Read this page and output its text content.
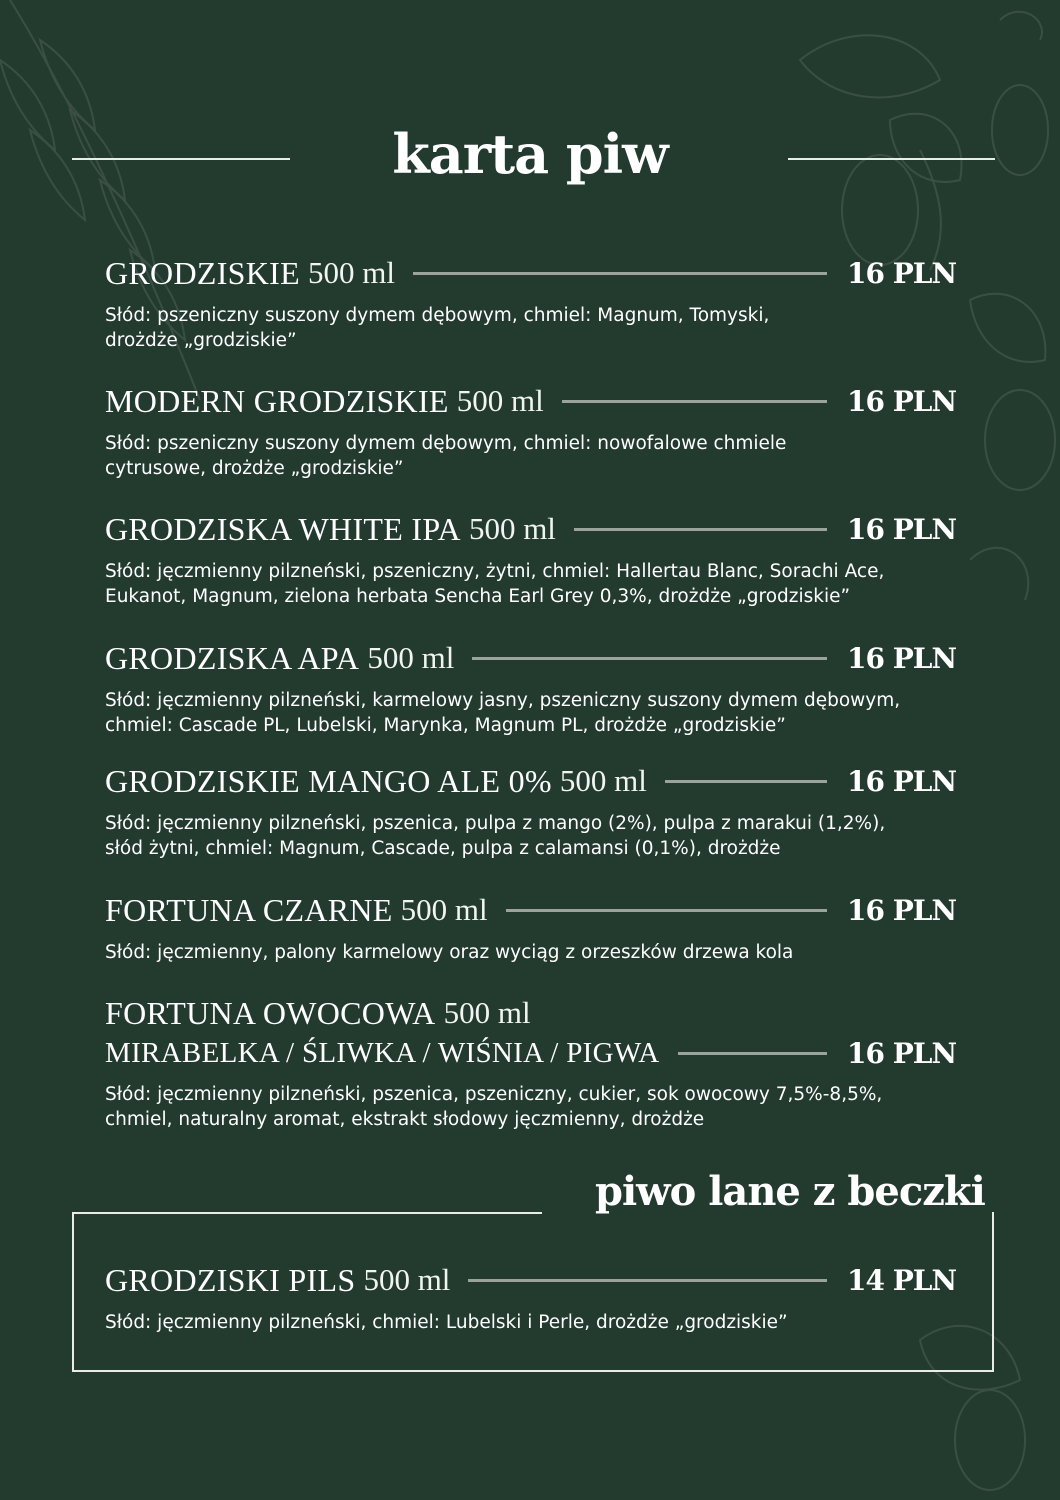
karta piw
GRODZISKIE 500 ml	16 PLN
Słód: pszeniczny suszony dymem dębowym, chmiel: Magnum, Tomyski,
drożdże „grodziskie”
MODERN GRODZISKIE 500 ml	16 PLN
Słód: pszeniczny suszony dymem dębowym, chmiel: nowofalowe chmiele
cytrusowe, drożdże „grodziskie”
GRODZISKA WHITE IPA 500 ml	16 PLN
Słód: jęczmienny pilzneński, pszeniczny, żytni, chmiel: Hallertau Blanc, Sorachi Ace,
Eukanot, Magnum, zielona herbata Sencha Earl Grey 0,3%, drożdże „grodziskie”
GRODZISKA APA 500 ml	16 PLN
Słód: jęczmienny pilzneński, karmelowy jasny, pszeniczny suszony dymem dębowym,
chmiel: Cascade PL, Lubelski, Marynka, Magnum PL, drożdże „grodziskie”
GRODZISKIE MANGO ALE 0% 500 ml	16 PLN
Słód: jęczmienny pilzneński, pszenica, pulpa z mango (2%), pulpa z marakui (1,2%),
słód żytni, chmiel: Magnum, Cascade, pulpa z calamansi (0,1%), drożdże
FORTUNA CZARNE 500 ml	16 PLN
Słód: jęczmienny, palony karmelowy oraz wyciąg z orzeszków drzewa kola
FORTUNA OWOCOWA 500 ml
MIRABELKA / ŚLIWKA / WIŚNIA / PIGWA	16 PLN
Słód: jęczmienny pilzneński, pszenica, pszeniczny, cukier, sok owocowy 7,5%-8,5%,
chmiel, naturalny aromat, ekstrakt słodowy jęczmienny, drożdże
piwo lane z beczki
GRODZISKI PILS 500 ml	14 PLN
Słód: jęczmienny pilzneński, chmiel: Lubelski i Perle, drożdże „grodziskie”
